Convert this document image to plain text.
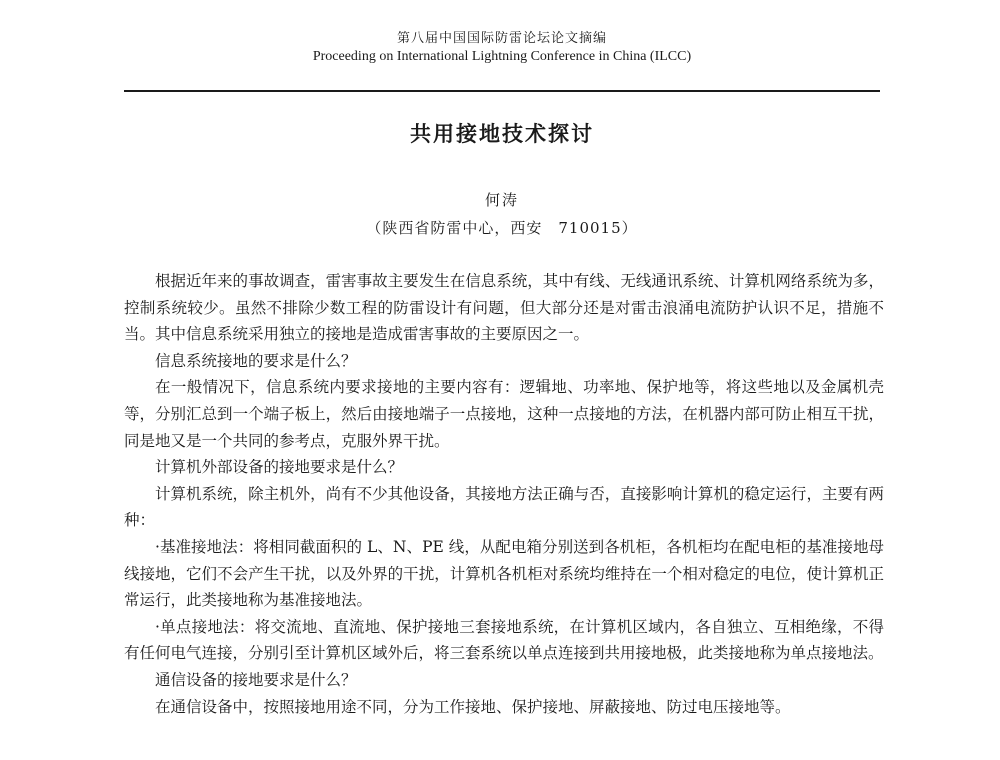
第八届中国国际防雷论坛论文摘编
Proceeding on International Lightning Conference in China (ILCC)
共用接地技术探讨
何涛
（陕西省防雷中心，西安　710015）

根据近年来的事故调查，雷害事故主要发生在信息系统，其中有线、无线通讯系统、计算机网络系统为多，控制系统较少。虽然不排除少数工程的防雷设计有问题，但大部分还是对雷击浪涌电流防护认识不足，措施不当。其中信息系统采用独立的接地是造成雷害事故的主要原因之一。

信息系统接地的要求是什么？

在一般情况下，信息系统内要求接地的主要内容有：逻辑地、功率地、保护地等，将这些地以及金属机壳等，分别汇总到一个端子板上，然后由接地端子一点接地，这种一点接地的方法，在机器内部可防止相互干扰，同是地又是一个共同的参考点，克服外界干扰。

计算机外部设备的接地要求是什么？

计算机系统，除主机外，尚有不少其他设备，其接地方法正确与否，直接影响计算机的稳定运行，主要有两种：

·基准接地法：将相同截面积的 L、N、PE 线，从配电箱分别送到各机柜，各机柜均在配电柜的基准接地母线接地，它们不会产生干扰，以及外界的干扰，计算机各机柜对系统均维持在一个相对稳定的电位，使计算机正常运行，此类接地称为基准接地法。

·单点接地法：将交流地、直流地、保护接地三套接地系统，在计算机区域内，各自独立、互相绝缘，不得有任何电气连接，分别引至计算机区域外后，将三套系统以单点连接到共用接地极，此类接地称为单点接地法。

通信设备的接地要求是什么？

在通信设备中，按照接地用途不同，分为工作接地、保护接地、屏蔽接地、防过电压接地等。
